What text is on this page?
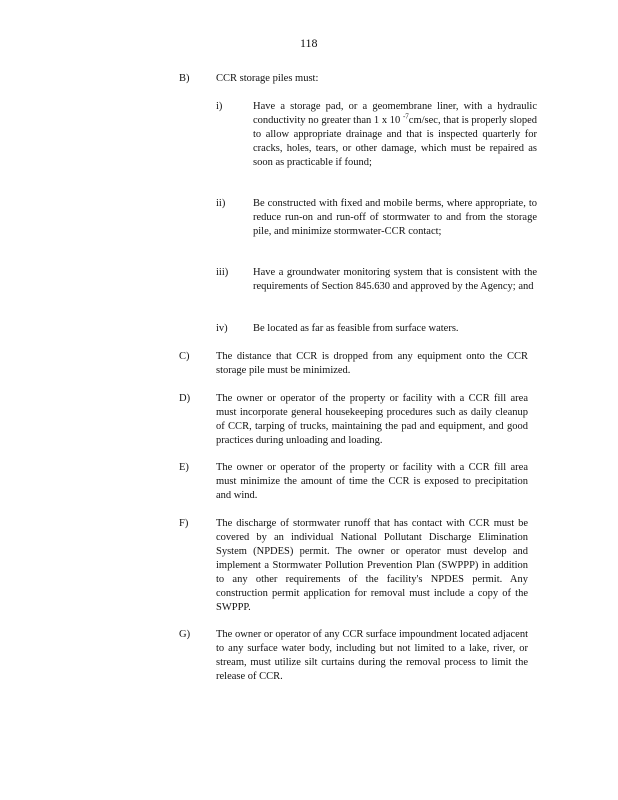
118
B)	CCR storage piles must:
i)	Have a storage pad, or a geomembrane liner, with a hydraulic conductivity no greater than 1 x 10 $^{-7}$cm/sec, that is properly sloped to allow appropriate drainage and that is inspected quarterly for cracks, holes, tears, or other damage, which must be repaired as soon as practicable if found;
ii)	Be constructed with fixed and mobile berms, where appropriate, to reduce run-on and run-off of stormwater to and from the storage pile, and minimize stormwater-CCR contact;
iii) Have a groundwater monitoring system that is consistent with the requirements of Section 845.630 and approved by the Agency; and
iv) Be located as far as feasible from surface waters.
C)	The distance that CCR is dropped from any equipment onto the CCR storage pile must be minimized.
D) The owner or operator of the property or facility with a CCR fill area must incorporate general housekeeping procedures such as daily cleanup of CCR, tarping of trucks, maintaining the pad and equipment, and good practices during unloading and loading.
E)	The owner or operator of the property or facility with a CCR fill area must minimize the amount of time the CCR is exposed to precipitation and wind.
F)	The discharge of stormwater runoff that has contact with CCR must be covered by an individual National Pollutant Discharge Elimination System (NPDES) permit. The owner or operator must develop and implement a Stormwater Pollution Prevention Plan (SWPPP) in addition to any other requirements of the facility's NPDES permit. Any construction permit application for removal must include a copy of the SWPPP.
G) The owner or operator of any CCR surface impoundment located adjacent to any surface water body, including but not limited to a lake, river, or stream, must utilize silt curtains during the removal process to limit the release of CCR.
